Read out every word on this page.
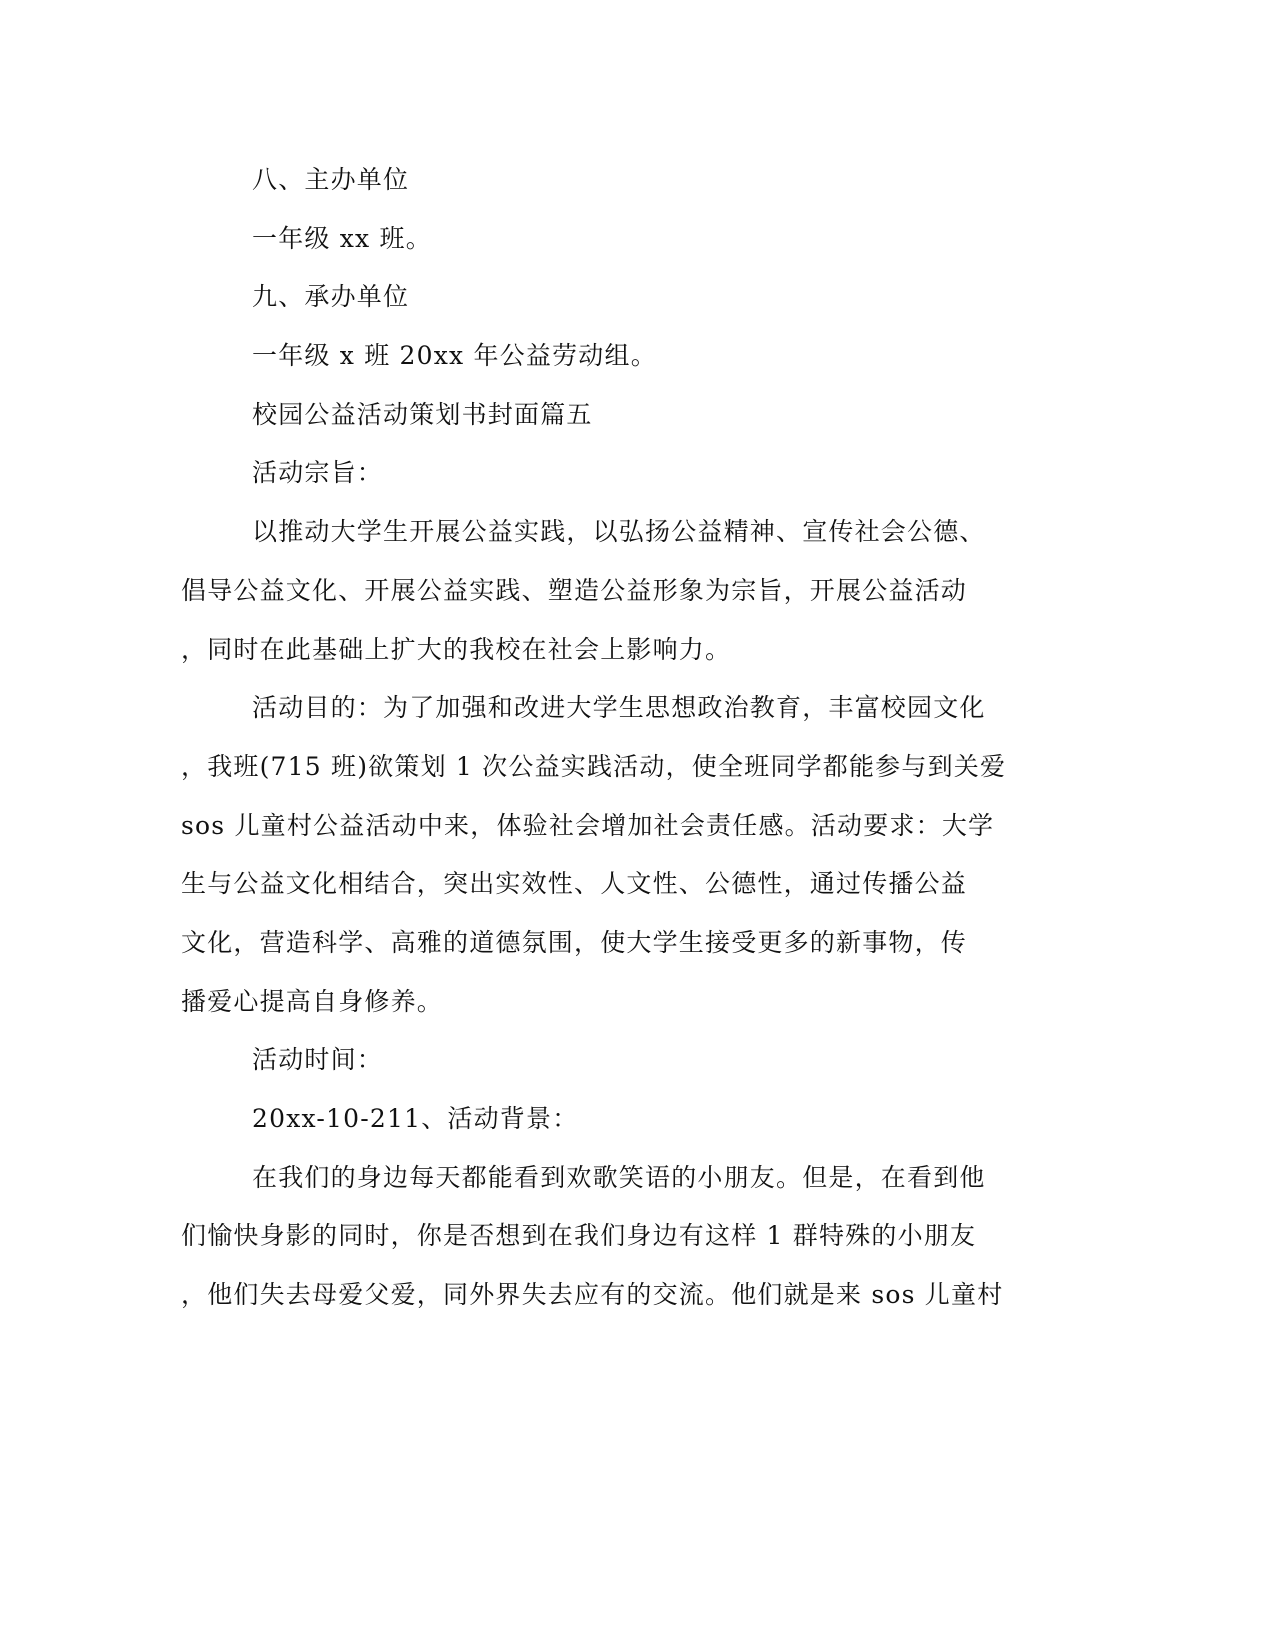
八、主办单位
一年级 xx 班。
九、承办单位
一年级 x 班 20xx 年公益劳动组。
校园公益活动策划书封面篇五
活动宗旨：
以推动大学生开展公益实践，以弘扬公益精神、宣传社会公德、
倡导公益文化、开展公益实践、塑造公益形象为宗旨，开展公益活动
，同时在此基础上扩大的我校在社会上影响力。
活动目的：为了加强和改进大学生思想政治教育，丰富校园文化
，我班(715 班)欲策划 1 次公益实践活动，使全班同学都能参与到关爱
sos 儿童村公益活动中来，体验社会增加社会责任感。活动要求：大学
生与公益文化相结合，突出实效性、人文性、公德性，通过传播公益
文化，营造科学、高雅的道德氛围，使大学生接受更多的新事物，传
播爱心提高自身修养。
活动时间：
20xx-10-211、活动背景：
在我们的身边每天都能看到欢歌笑语的小朋友。但是，在看到他
们愉快身影的同时，你是否想到在我们身边有这样 1 群特殊的小朋友
，他们失去母爱父爱，同外界失去应有的交流。他们就是来 sos 儿童村
